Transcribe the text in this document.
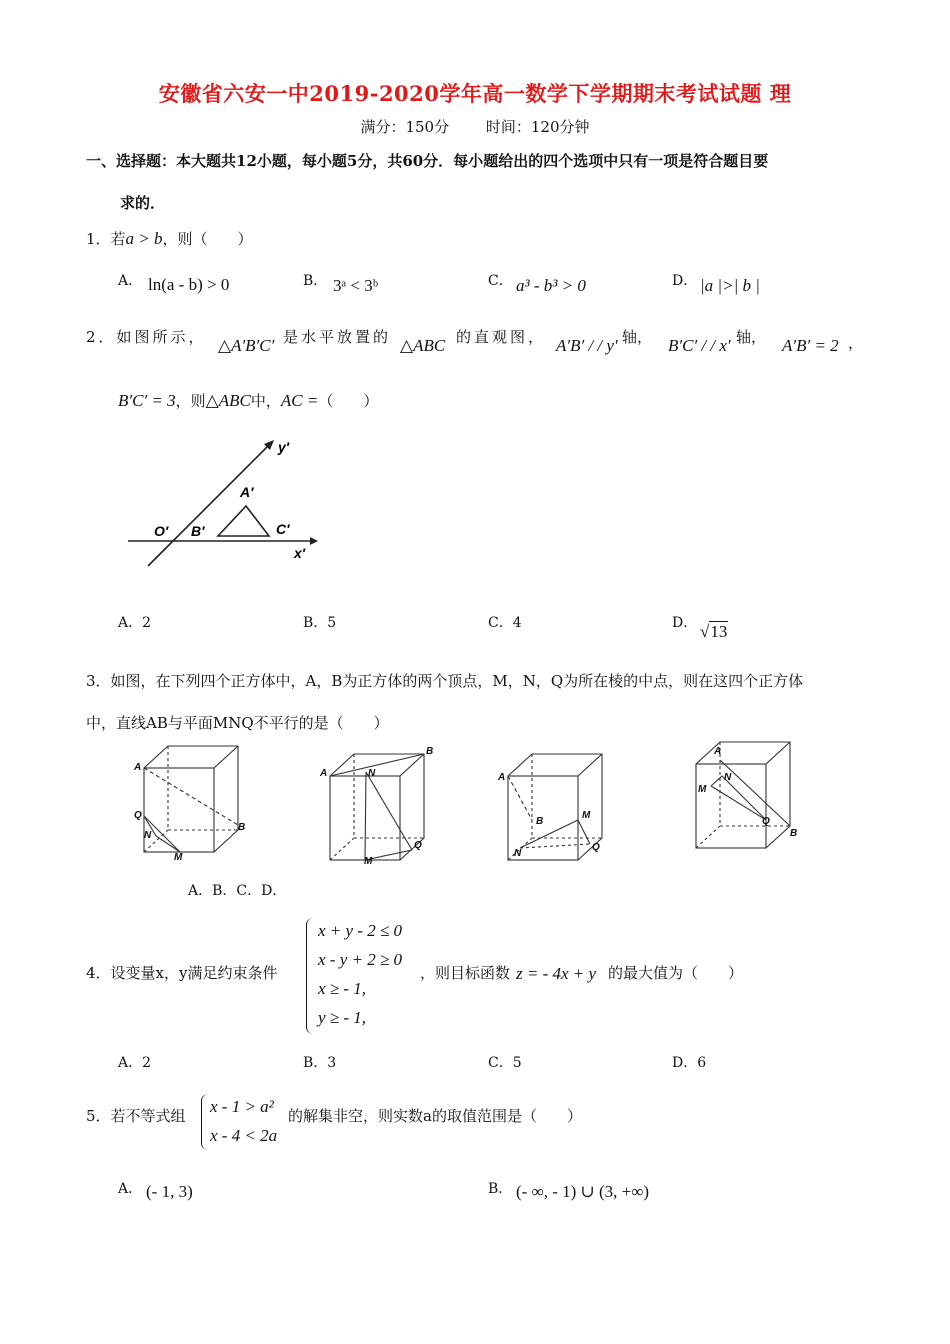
安徽省六安一中2019-2020学年高一数学下学期期末考试试题 理
满分：150分 时间：120分钟
一、选择题：本大题共12小题，每小题5分，共60分．每小题给出的四个选项中只有一项是符合题目要
求的．
1．若a > b，则（　　）
A． ln(a - b) > 0	B． 3ᵃ < 3ᵇ	C． a³ - b³ > 0	D． |a |>| b |
2．如图所示， △A′B′C′ 是水平放置的 △ABC 的直观图， A′B′ / / y′ 轴， B′C′ / / x′ 轴， A′B′ = 2 ，
B′C′ = 3，则△ABC中，AC =（　　）
y′
O′
A′
B′	C′
x′
A．2	B．5	C．4	D． √13
3．如图，在下列四个正方体中，A，B为正方体的两个顶点，M，N，Q为所在棱的中点，则在这四个正方体
中，直线AB与平面MNQ不平行的是（　　）
A
B
Q
N
M
A
B
N
M
Q
A
B
N
M
Q
A
N
M
Q
B
A．B．C．D．
4．设变量x，y满足约束条件
x + y - 2 ≤ 0
x - y + 2 ≥ 0
x ≥ - 1,
y ≥ - 1,
，则目标函数 z = - 4x + y 的最大值为（　　）
A．2	B．3	C．5	D．6
5．若不等式组 x - 1 > a²
x - 4 < 2a
的解集非空，则实数a的取值范围是（　　）
A． (- 1, 3)	B． (- ∞, - 1) ∪ (3, +∞)
